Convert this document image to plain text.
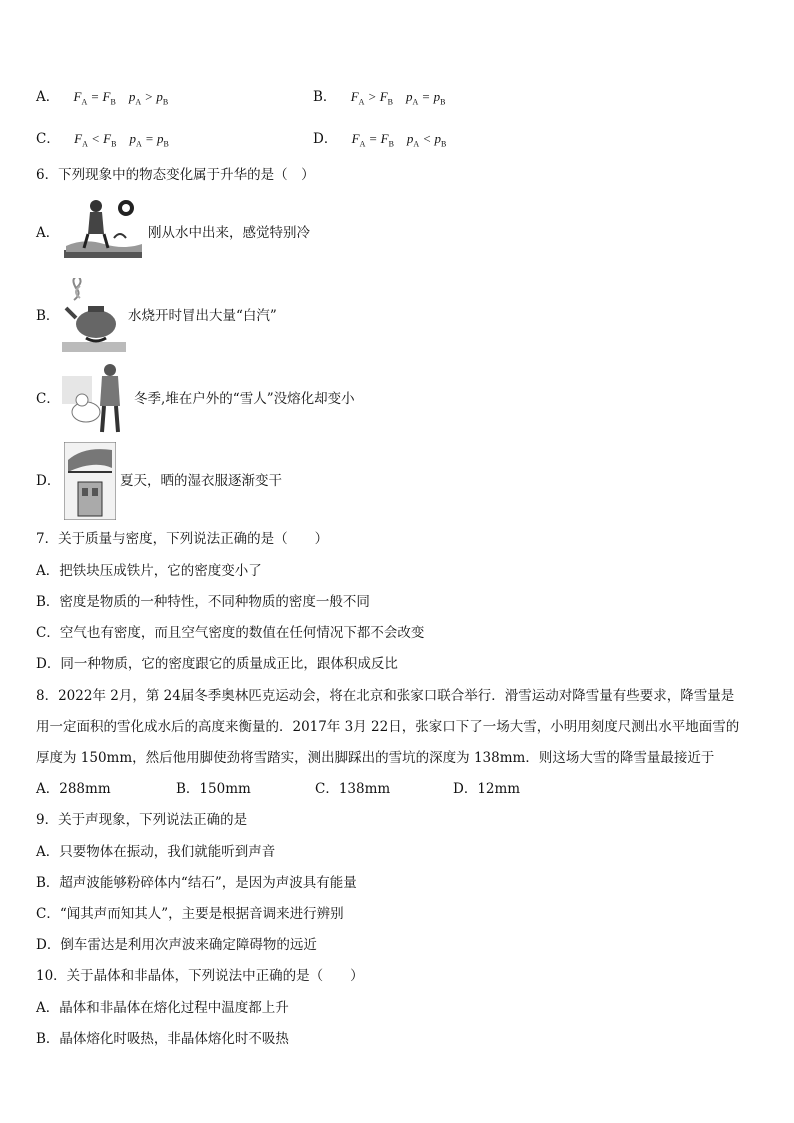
A． $F_A = F_B$    $p_A > p_B$	B． $F_A > F_B$    $p_A = p_B$
C． $F_A < F_B$    $p_A = p_B$	D． $F_A = F_B$    $p_A < p_B$
6．下列现象中的物态变化属于升华的是（　）
A．	刚从水中出来，感觉特别冷
B．	水烧开时冒出大量“白汽”
C．	冬季,堆在户外的“雪人”没熔化却变小
D．	夏天，晒的湿衣服逐渐变干
7．关于质量与密度，下列说法正确的是（　　）
A．把铁块压成铁片，它的密度变小了
B．密度是物质的一种特性，不同种物质的密度一般不同
C．空气也有密度，而且空气密度的数值在任何情况下都不会改变
D．同一种物质，它的密度跟它的质量成正比，跟体积成反比
8．2022年 2月，第 24届冬季奥林匹克运动会，将在北京和张家口联合举行．滑雪运动对降雪量有些要求，降雪量是
用一定面积的雪化成水后的高度来衡量的．2017年 3月 22日，张家口下了一场大雪，小明用刻度尺测出水平地面雪的
厚度为 150mm，然后他用脚使劲将雪踏实，测出脚踩出的雪坑的深度为 138mm．则这场大雪的降雪量最接近于
A．288mm	B．150mm	C．138mm	D．12mm
9．关于声现象，下列说法正确的是
A．只要物体在振动，我们就能听到声音
B．超声波能够粉碎体内“结石”，是因为声波具有能量
C．“闻其声而知其人”，主要是根据音调来进行辨别
D．倒车雷达是利用次声波来确定障碍物的远近
10．关于晶体和非晶体，下列说法中正确的是（　　）
A．晶体和非晶体在熔化过程中温度都上升
B．晶体熔化时吸热，非晶体熔化时不吸热
